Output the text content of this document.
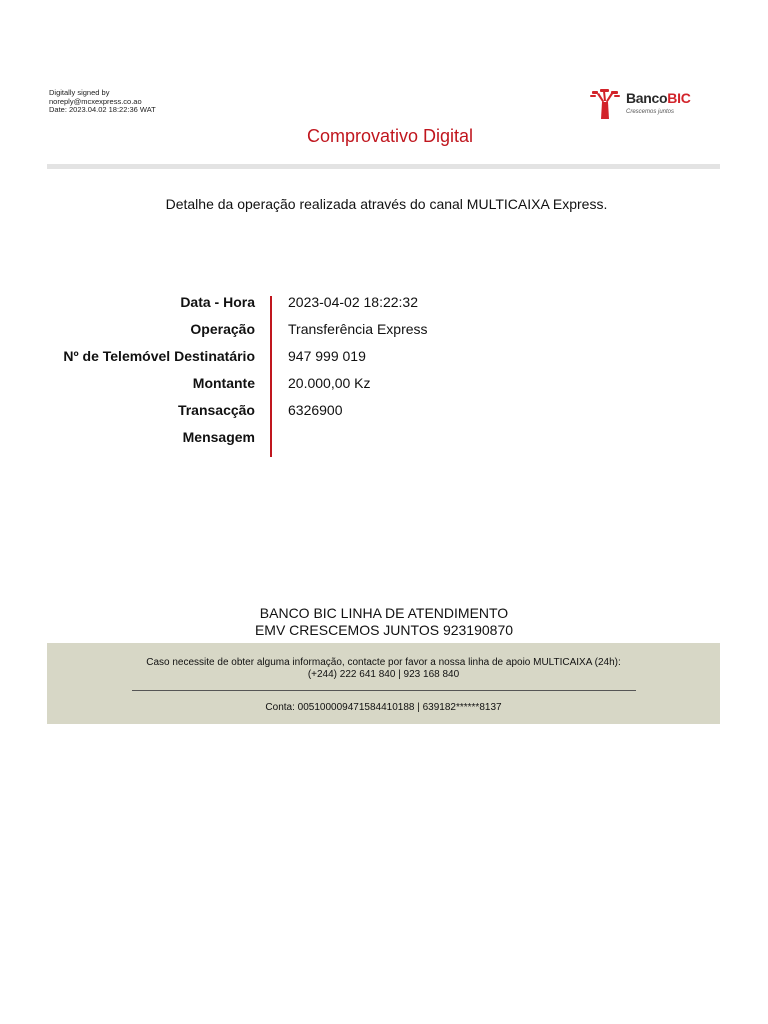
Digitally signed by
noreply@mcxexpress.co.ao
Date: 2023.04.02 18:22:36 WAT
BancoBIC
Crescemos juntos
Comprovativo Digital
Detalhe da operação realizada através do canal MULTICAIXA Express.
Data - Hora 2023-04-02 18:22:32
Operação Transferência Express
Nº de Telemóvel Destinatário 947 999 019
Montante 20.000,00 Kz
Transacção 6326900
Mensagem
BANCO BIC LINHA DE ATENDIMENTO
EMV CRESCEMOS JUNTOS 923190870
Caso necessite de obter alguma informação, contacte por favor a nossa linha de apoio MULTICAIXA (24h):
(+244) 222 641 840 | 923 168 840
Conta: 005100009471584410188 | 639182******8137
